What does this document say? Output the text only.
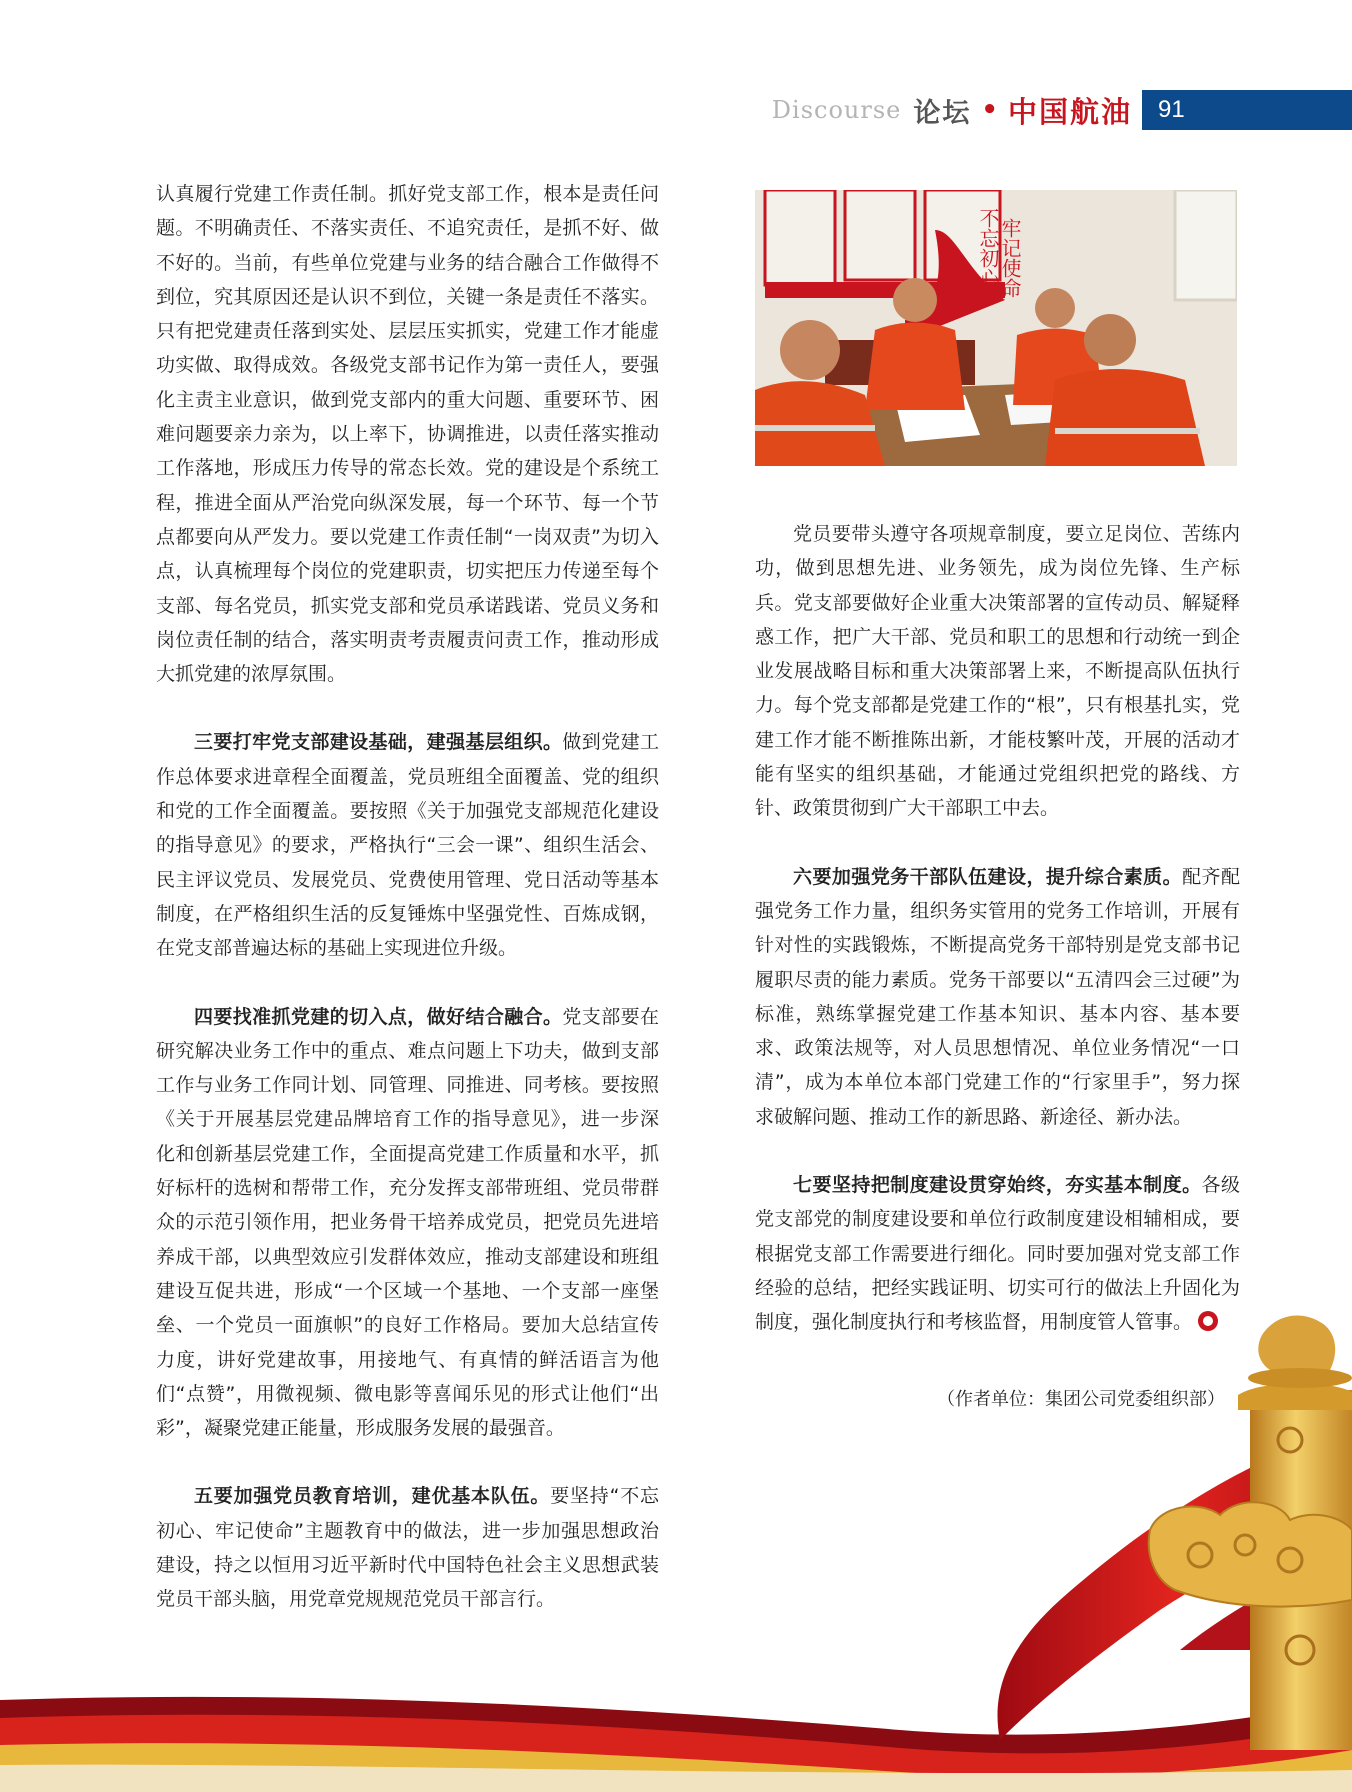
Discourse 论坛 • 中国航油	91

认真履行党建工作责任制。抓好党支部工作，根本是责任问题。不明确责任、不落实责任、不追究责任，是抓不好、做不好的。当前，有些单位党建与业务的结合融合工作做得不到位，究其原因还是认识不到位，关键一条是责任不落实。只有把党建责任落到实处、层层压实抓实，党建工作才能虚功实做、取得成效。各级党支部书记作为第一责任人，要强化主责主业意识，做到党支部内的重大问题、重要环节、困难问题要亲力亲为，以上率下，协调推进，以责任落实推动工作落地，形成压力传导的常态长效。党的建设是个系统工程，推进全面从严治党向纵深发展，每一个环节、每一个节点都要向从严发力。要以党建工作责任制“一岗双责”为切入点，认真梳理每个岗位的党建职责，切实把压力传递至每个支部、每名党员，抓实党支部和党员承诺践诺、党员义务和岗位责任制的结合，落实明责考责履责问责工作，推动形成大抓党建的浓厚氛围。

三要打牢党支部建设基础，建强基层组织。做到党建工作总体要求进章程全面覆盖，党员班组全面覆盖、党的组织和党的工作全面覆盖。要按照《关于加强党支部规范化建设的指导意见》的要求，严格执行“三会一课”、组织生活会、民主评议党员、发展党员、党费使用管理、党日活动等基本制度，在严格组织生活的反复锤炼中坚强党性、百炼成钢，在党支部普遍达标的基础上实现进位升级。

四要找准抓党建的切入点，做好结合融合。党支部要在研究解决业务工作中的重点、难点问题上下功夫，做到支部工作与业务工作同计划、同管理、同推进、同考核。要按照《关于开展基层党建品牌培育工作的指导意见》，进一步深化和创新基层党建工作，全面提高党建工作质量和水平，抓好标杆的选树和帮带工作，充分发挥支部带班组、党员带群众的示范引领作用，把业务骨干培养成党员，把党员先进培养成干部，以典型效应引发群体效应，推动支部建设和班组建设互促共进，形成“一个区域一个基地、一个支部一座堡垒、一个党员一面旗帜”的良好工作格局。要加大总结宣传力度，讲好党建故事，用接地气、有真情的鲜活语言为他们“点赞”，用微视频、微电影等喜闻乐见的形式让他们“出彩”，凝聚党建正能量，形成服务发展的最强音。

五要加强党员教育培训，建优基本队伍。要坚持“不忘初心、牢记使命”主题教育中的做法，进一步加强思想政治建设，持之以恒用习近平新时代中国特色社会主义思想武装党员干部头脑，用党章党规规范党员干部言行。

牢记使命
不忘初心

党员要带头遵守各项规章制度，要立足岗位、苦练内功，做到思想先进、业务领先，成为岗位先锋、生产标兵。党支部要做好企业重大决策部署的宣传动员、解疑释惑工作，把广大干部、党员和职工的思想和行动统一到企业发展战略目标和重大决策部署上来，不断提高队伍执行力。每个党支部都是党建工作的“根”，只有根基扎实，党建工作才能不断推陈出新，才能枝繁叶茂，开展的活动才能有坚实的组织基础，才能通过党组织把党的路线、方针、政策贯彻到广大干部职工中去。

六要加强党务干部队伍建设，提升综合素质。配齐配强党务工作力量，组织务实管用的党务工作培训，开展有针对性的实践锻炼，不断提高党务干部特别是党支部书记履职尽责的能力素质。党务干部要以“五清四会三过硬”为标准，熟练掌握党建工作基本知识、基本内容、基本要求、政策法规等，对人员思想情况、单位业务情况“一口清”，成为本单位本部门党建工作的“行家里手”，努力探求破解问题、推动工作的新思路、新途径、新办法。

七要坚持把制度建设贯穿始终，夯实基本制度。各级党支部党的制度建设要和单位行政制度建设相辅相成，要根据党支部工作需要进行细化。同时要加强对党支部工作经验的总结，把经实践证明、切实可行的做法上升固化为制度，强化制度执行和考核监督，用制度管人管事。

（作者单位：集团公司党委组织部）
